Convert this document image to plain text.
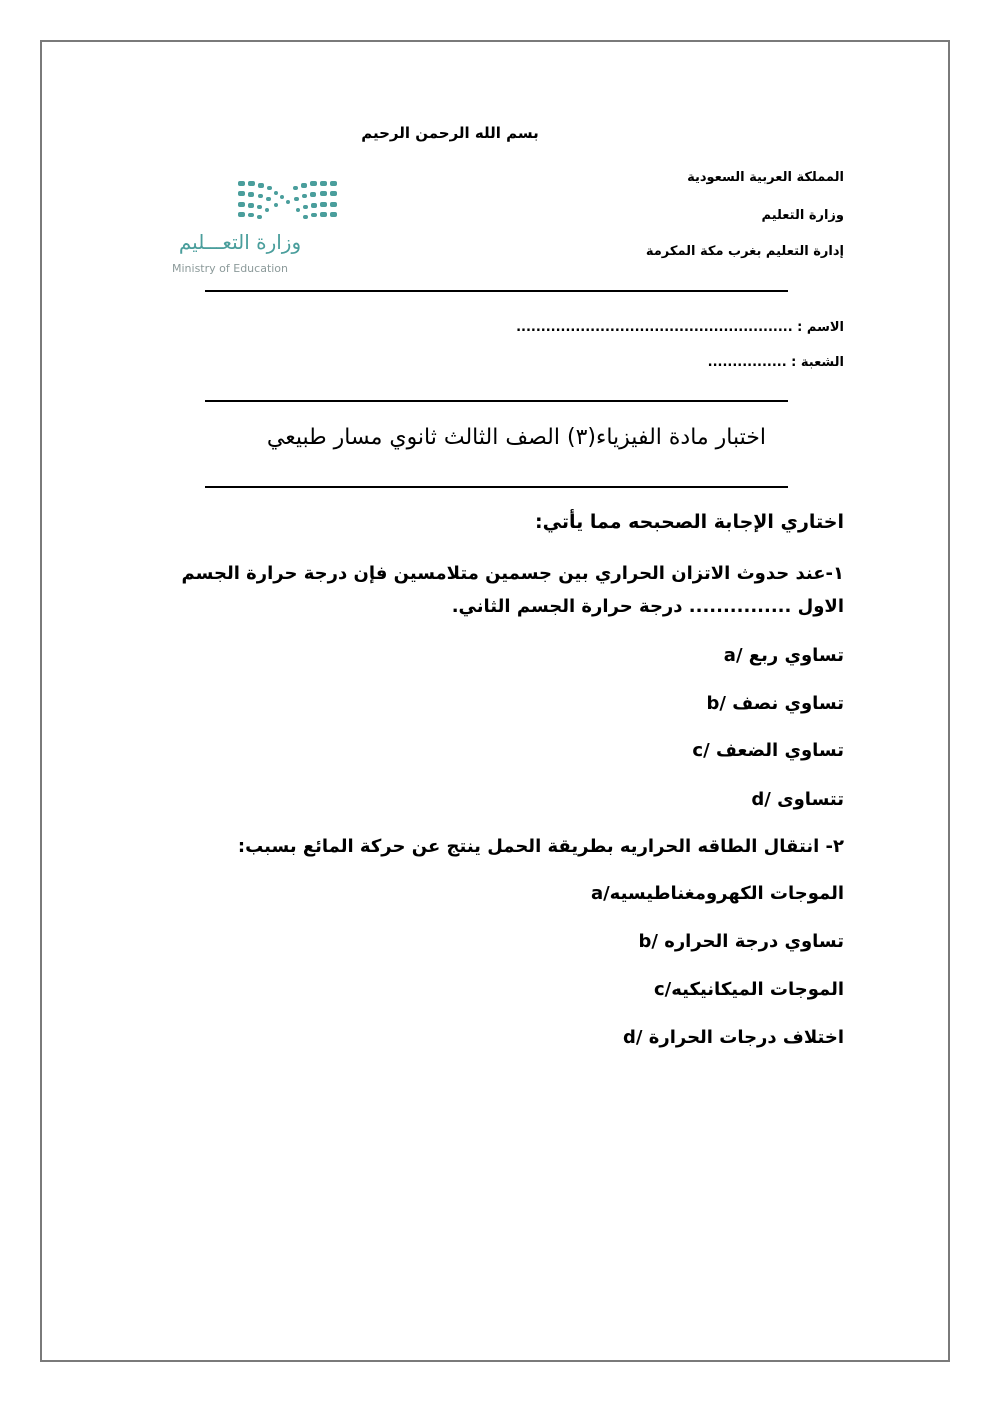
بسم الله الرحمن الرحيم
المملكة العربية السعودية
وزارة التعليم
إدارة التعليم بغرب مكة المكرمة
وزارة التعـــليم
Ministry of Education
الاسم : ........................................................
الشعبة : ................
اختبار مادة الفيزياء(٣) الصف الثالث ثانوي مسار طبيعي
اختاري الإجابة الصحبحه مما يأتي:
١-عند حدوث الاتزان الحراري بين جسمين متلامسين فإن درجة حرارة الجسم
الاول ............... درجة حرارة الجسم الثاني.
a/ تساوي ربع
b/ تساوي نصف
c/ تساوي الضعف
d/ تتساوى
٢- انتقال الطاقه الحراريه بطريقة الحمل ينتج عن حركة المائع بسبب:
a/الموجات الكهرومغناطيسيه
b/ تساوي درجة الحراره
c/الموجات الميكانيكيه
d/ اختلاف درجات الحرارة
